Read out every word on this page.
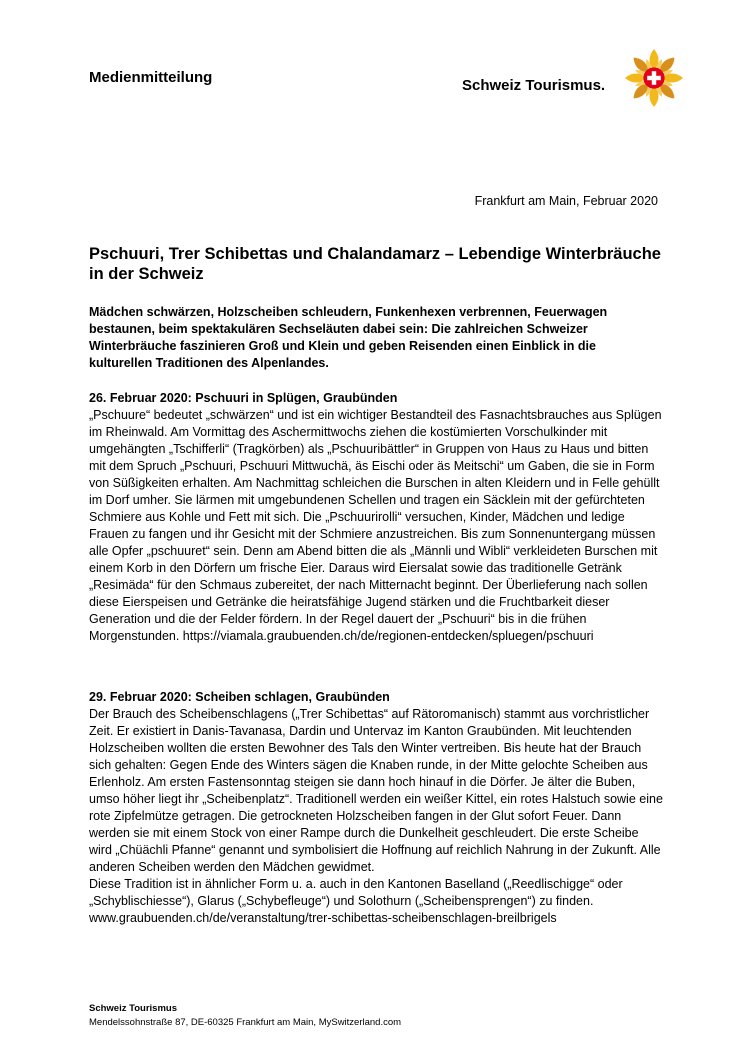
Medienmitteilung	Schweiz Tourismus.
Frankfurt am Main, Februar 2020
Pschuuri, Trer Schibettas und Chalandamarz – Lebendige Winterbräuche in der Schweiz

Mädchen schwärzen, Holzscheiben schleudern, Funkenhexen verbrennen, Feuerwagen bestaunen, beim spektakulären Sechseläuten dabei sein: Die zahlreichen Schweizer Winterbräuche faszinieren Groß und Klein und geben Reisenden einen Einblick in die kulturellen Traditionen des Alpenlandes.

26. Februar 2020: Pschuuri in Splügen, Graubünden

„Pschuure“ bedeutet „schwärzen“ und ist ein wichtiger Bestandteil des Fasnachtsbrauches aus Splügen im Rheinwald. Am Vormittag des Aschermittwochs ziehen die kostümierten Vorschulkinder mit umgehängten „Tschifferli“ (Tragkörben) als „Pschuuribättler“ in Gruppen von Haus zu Haus und bitten mit dem Spruch „Pschuuri, Pschuuri Mittwuchä, äs Eischi oder äs Meitschi“ um Gaben, die sie in Form von Süßigkeiten erhalten. Am Nachmittag schleichen die Burschen in alten Kleidern und in Felle gehüllt im Dorf umher. Sie lärmen mit umgebundenen Schellen und tragen ein Säcklein mit der gefürchteten Schmiere aus Kohle und Fett mit sich. Die „Pschuurirolli“ versuchen, Kinder, Mädchen und ledige Frauen zu fangen und ihr Gesicht mit der Schmiere anzustreichen. Bis zum Sonnenuntergang müssen alle Opfer „pschuuret“ sein. Denn am Abend bitten die als „Männli und Wibli“ verkleideten Burschen mit einem Korb in den Dörfern um frische Eier. Daraus wird Eiersalat sowie das traditionelle Getränk „Resimäda“ für den Schmaus zubereitet, der nach Mitternacht beginnt. Der Überlieferung nach sollen diese Eierspeisen und Getränke die heiratsfähige Jugend stärken und die Fruchtbarkeit dieser Generation und die der Felder fördern. In der Regel dauert der „Pschuuri“ bis in die frühen Morgenstunden. https://viamala.graubuenden.ch/de/regionen-entdecken/spluegen/pschuuri

29. Februar 2020: Scheiben schlagen, Graubünden

Der Brauch des Scheibenschlagens („Trer Schibettas“ auf Rätoromanisch) stammt aus vorchristlicher Zeit. Er existiert in Danis-Tavanasa, Dardin und Untervaz im Kanton Graubünden. Mit leuchtenden Holzscheiben wollten die ersten Bewohner des Tals den Winter vertreiben. Bis heute hat der Brauch sich gehalten: Gegen Ende des Winters sägen die Knaben runde, in der Mitte gelochte Scheiben aus Erlenholz. Am ersten Fastensonntag steigen sie dann hoch hinauf in die Dörfer. Je älter die Buben, umso höher liegt ihr „Scheibenplatz“. Traditionell werden ein weißer Kittel, ein rotes Halstuch sowie eine rote Zipfelmütze getragen. Die getrockneten Holzscheiben fangen in der Glut sofort Feuer. Dann werden sie mit einem Stock von einer Rampe durch die Dunkelheit geschleudert. Die erste Scheibe wird „Chüächli Pfanne“ genannt und symbolisiert die Hoffnung auf reichlich Nahrung in der Zukunft. Alle anderen Scheiben werden den Mädchen gewidmet.

Diese Tradition ist in ähnlicher Form u. a. auch in den Kantonen Baselland („Reedlischigge“ oder „Schyblischiesse“), Glarus („Schybefleuge“) und Solothurn („Scheibensprengen“) zu finden. www.graubuenden.ch/de/veranstaltung/trer-schibettas-scheibenschlagen-breilbrigels

Schweiz Tourismus
Mendelssohnstraße 87, DE-60325 Frankfurt am Main, MySwitzerland.com
